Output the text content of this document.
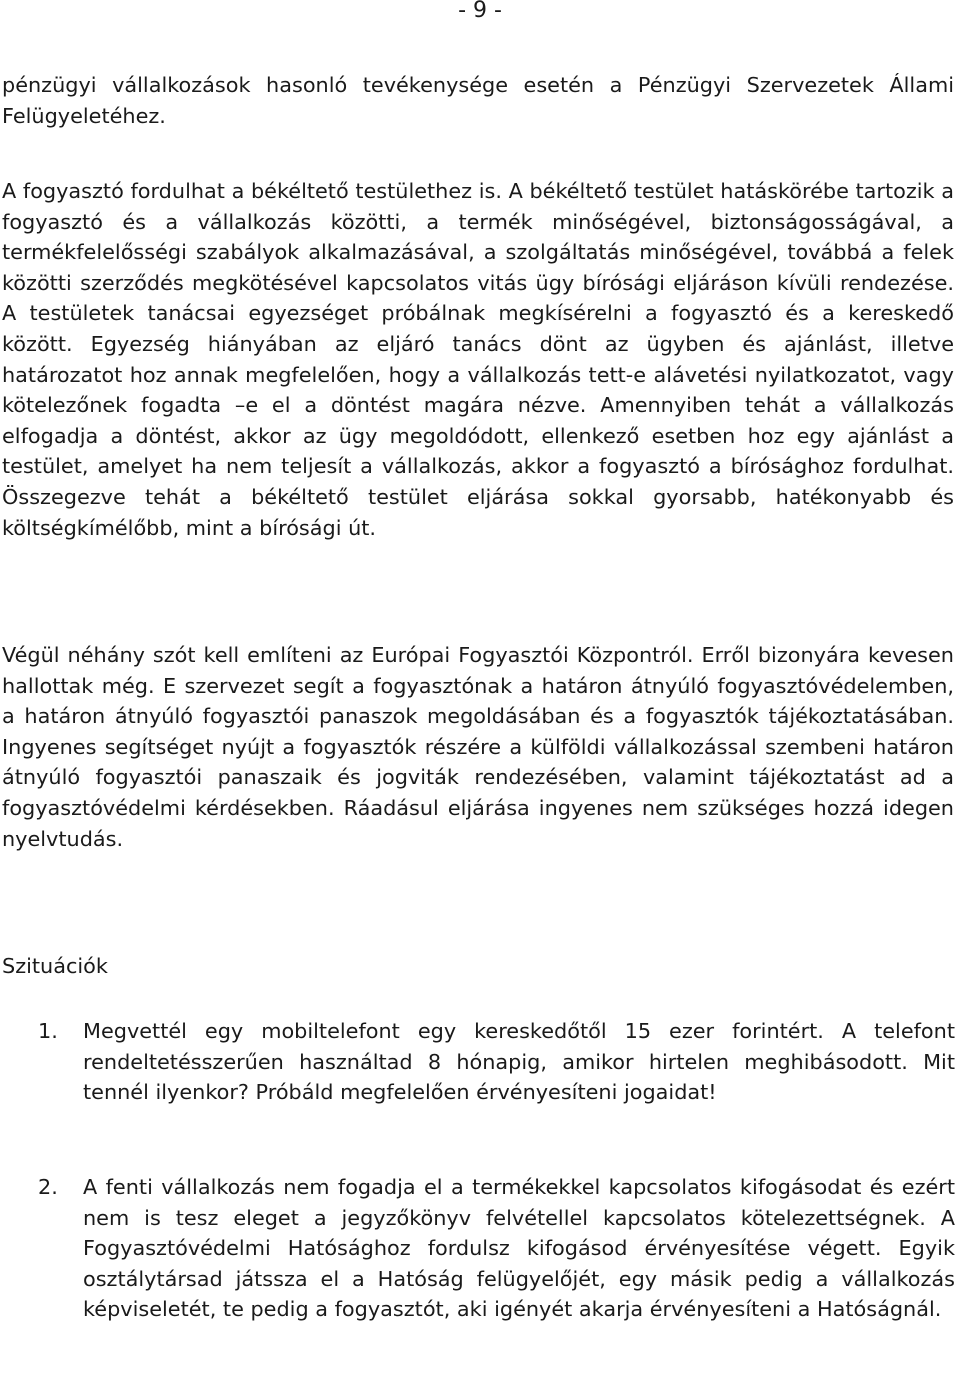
- 9 -

pénzügyi vállalkozások hasonló tevékenysége esetén a Pénzügyi Szervezetek Állami Felügyeletéhez.

A fogyasztó fordulhat a békéltető testülethez is. A békéltető testület hatáskörébe tartozik a fogyasztó és a vállalkozás közötti, a termék minőségével, biztonságosságával, a termékfelelősségi szabályok alkalmazásával, a szolgáltatás minőségével, továbbá a felek közötti szerződés megkötésével kapcsolatos vitás ügy bírósági eljáráson kívüli rendezése. A testületek tanácsai egyezséget próbálnak megkísérelni a fogyasztó és a kereskedő között. Egyezség hiányában az eljáró tanács dönt az ügyben és ajánlást, illetve határozatot hoz annak megfelelően, hogy a vállalkozás tett-e alávetési nyilatkozatot, vagy kötelezőnek fogadta –e el a döntést magára nézve. Amennyiben tehát a vállalkozás elfogadja a döntést, akkor az ügy megoldódott, ellenkező esetben hoz egy ajánlást a testület, amelyet ha nem teljesít a vállalkozás, akkor a fogyasztó a bírósághoz fordulhat. Összegezve tehát a békéltető testület eljárása sokkal gyorsabb, hatékonyabb és költségkímélőbb, mint a bírósági út.

Végül néhány szót kell említeni az Európai Fogyasztói Központról. Erről bizonyára kevesen hallottak még. E szervezet segít a fogyasztónak a határon átnyúló fogyasztóvédelemben, a határon átnyúló fogyasztói panaszok megoldásában és a fogyasztók tájékoztatásában. Ingyenes segítséget nyújt a fogyasztók részére a külföldi vállalkozással szembeni határon átnyúló fogyasztói panaszaik és jogviták rendezésében, valamint tájékoztatást ad a fogyasztóvédelmi kérdésekben. Ráadásul eljárása ingyenes nem szükséges hozzá idegen nyelvtudás.

Szituációk
1. Megvettél egy mobiltelefont egy kereskedőtől 15 ezer forintért. A telefont rendeltetésszerűen használtad 8 hónapig, amikor hirtelen meghibásodott. Mit tennél ilyenkor? Próbáld megfelelően érvényesíteni jogaidat!

2. A fenti vállalkozás nem fogadja el a termékekkel kapcsolatos kifogásodat és ezért nem is tesz eleget a jegyzőkönyv felvétellel kapcsolatos kötelezettségnek. A Fogyasztóvédelmi Hatósághoz fordulsz kifogásod érvényesítése végett. Egyik osztálytársad játssza el a Hatóság felügyelőjét, egy másik pedig a vállalkozás képviseletét, te pedig a fogyasztót, aki igényét akarja érvényesíteni a Hatóságnál.
